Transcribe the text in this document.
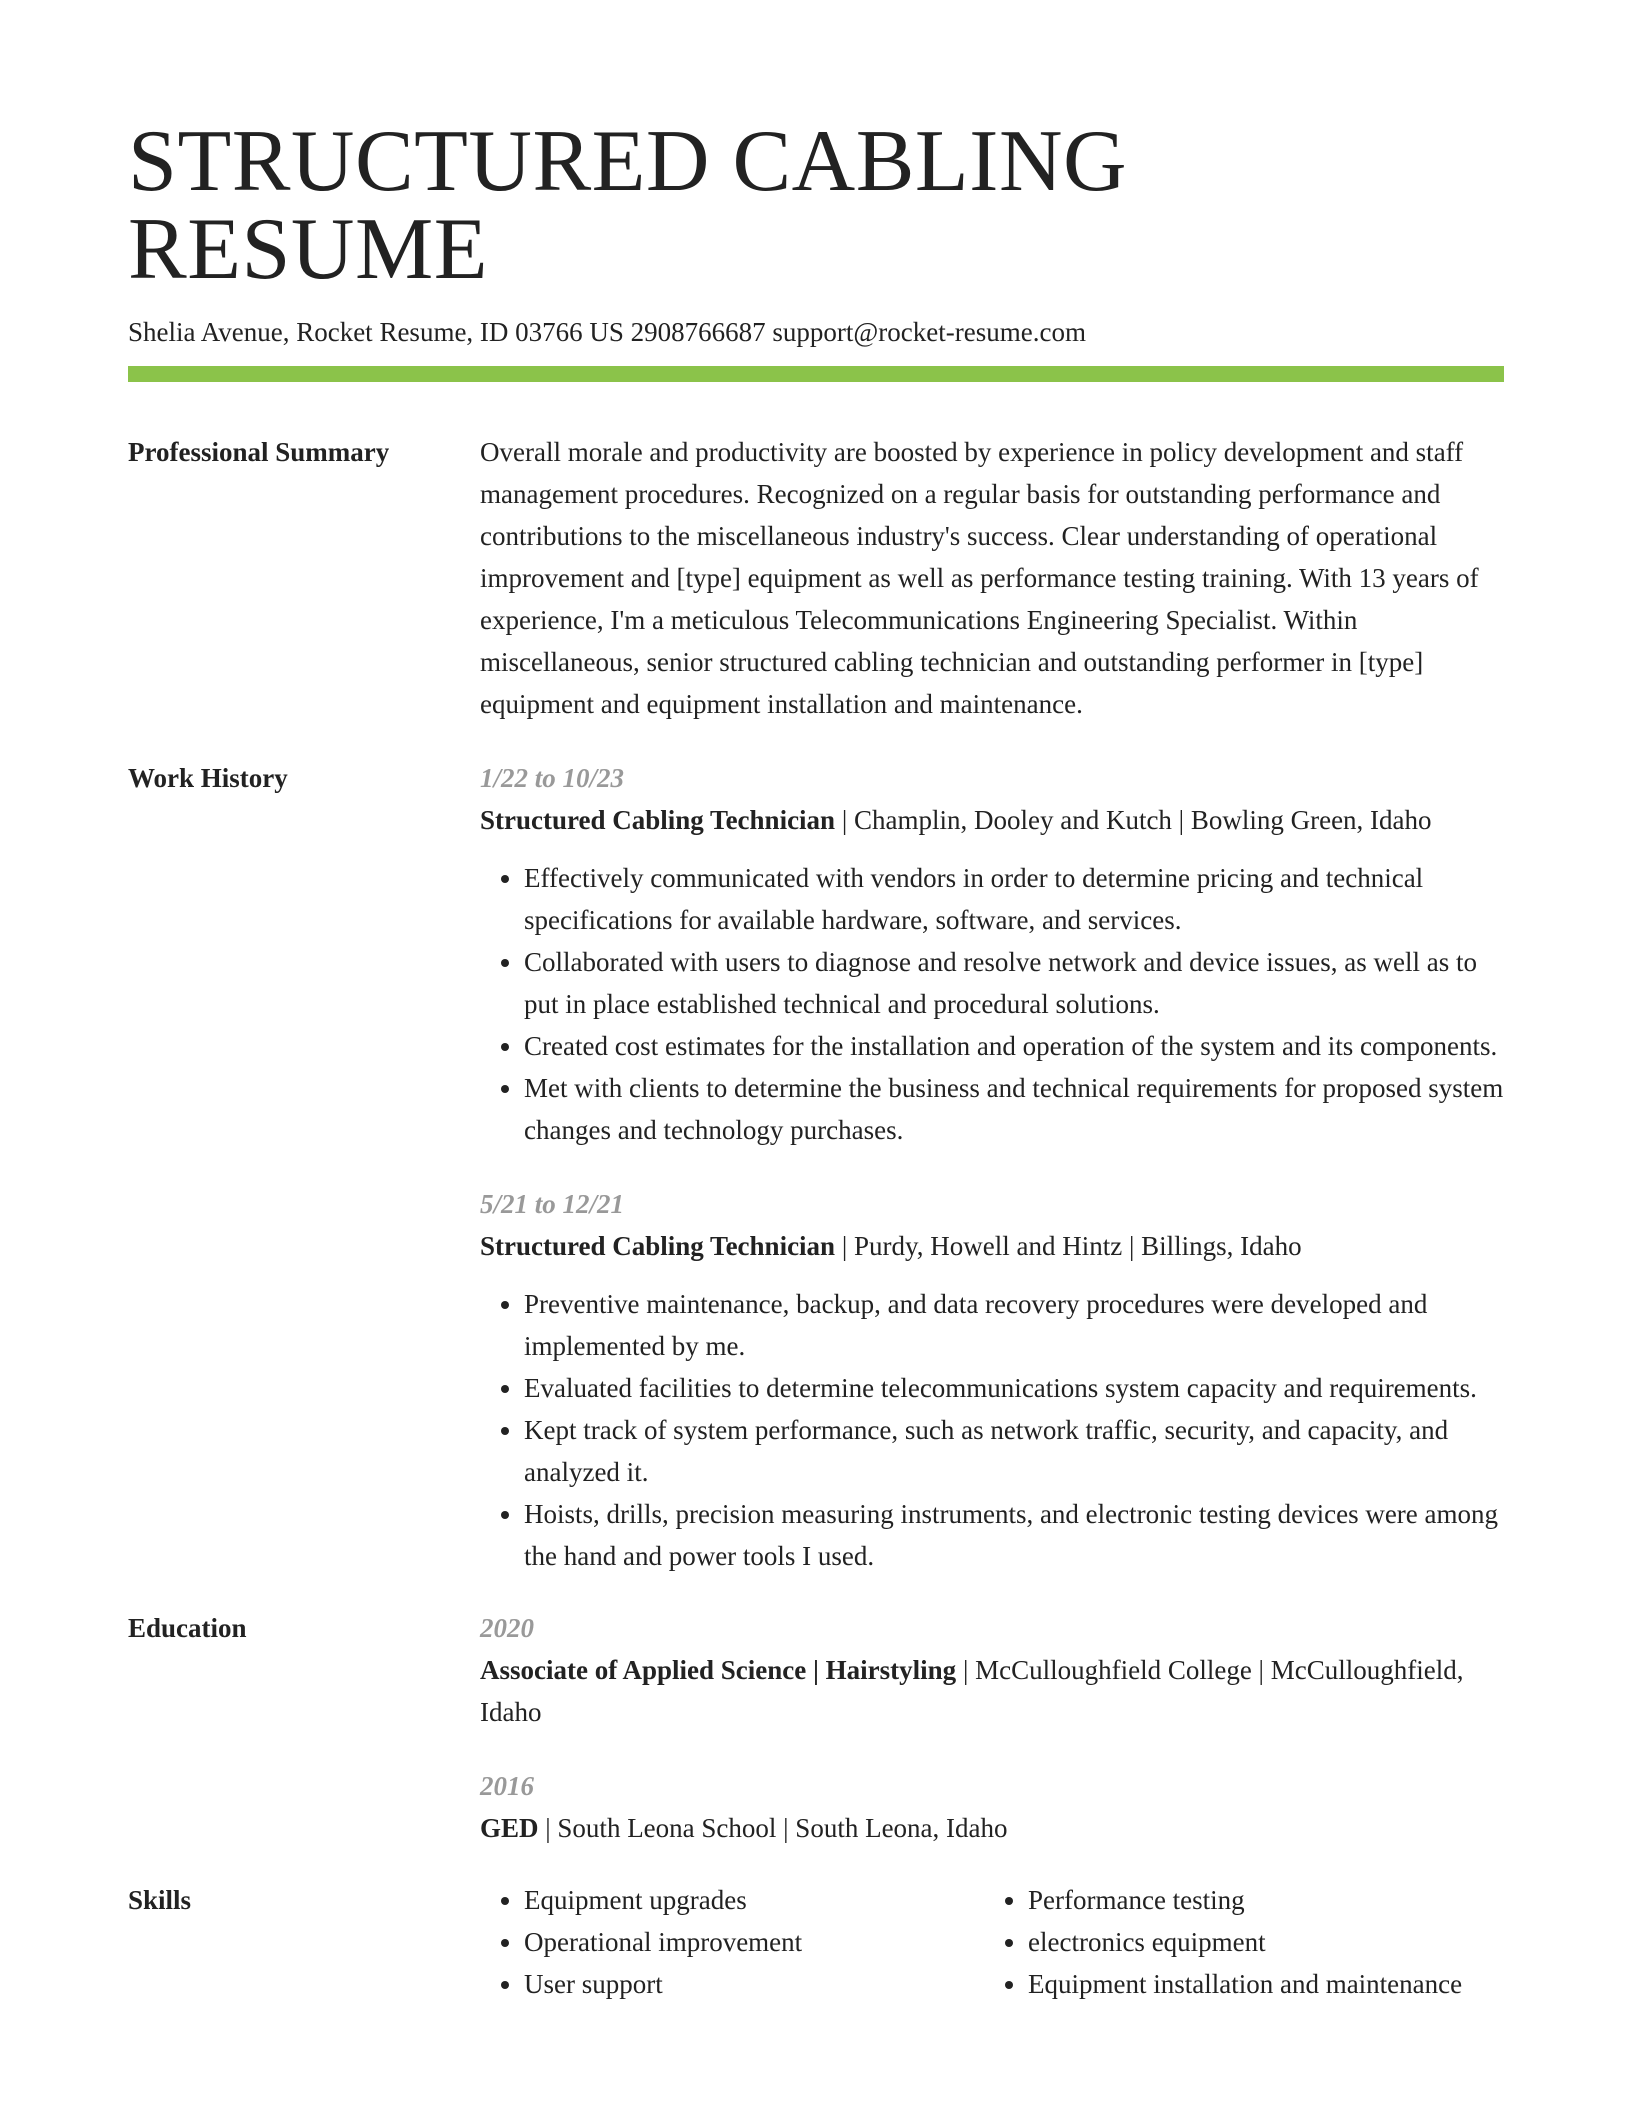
STRUCTURED CABLING RESUME
Shelia Avenue, Rocket Resume, ID 03766 US 2908766687 support@rocket-resume.com
Professional Summary	Overall morale and productivity are boosted by experience in policy development and staff management procedures. Recognized on a regular basis for outstanding performance and contributions to the miscellaneous industry's success. Clear understanding of operational improvement and [type] equipment as well as performance testing training. With 13 years of experience, I'm a meticulous Telecommunications Engineering Specialist. Within miscellaneous, senior structured cabling technician and outstanding performer in [type] equipment and equipment installation and maintenance.
Work History	1/22 to 10/23
Structured Cabling Technician | Champlin, Dooley and Kutch | Bowling Green, Idaho
• Effectively communicated with vendors in order to determine pricing and technical specifications for available hardware, software, and services.
• Collaborated with users to diagnose and resolve network and device issues, as well as to put in place established technical and procedural solutions.
• Created cost estimates for the installation and operation of the system and its components.
• Met with clients to determine the business and technical requirements for proposed system changes and technology purchases.
5/21 to 12/21
Structured Cabling Technician | Purdy, Howell and Hintz | Billings, Idaho
• Preventive maintenance, backup, and data recovery procedures were developed and implemented by me.
• Evaluated facilities to determine telecommunications system capacity and requirements.
• Kept track of system performance, such as network traffic, security, and capacity, and analyzed it.
• Hoists, drills, precision measuring instruments, and electronic testing devices were among the hand and power tools I used.
Education	2020
Associate of Applied Science | Hairstyling | McCulloughfield College | McCulloughfield, Idaho
2016
GED | South Leona School | South Leona, Idaho
Skills
•	Equipment upgrades
• Operational improvement
• User support
• Performance testing
• electronics equipment
• Equipment installation and maintenance
